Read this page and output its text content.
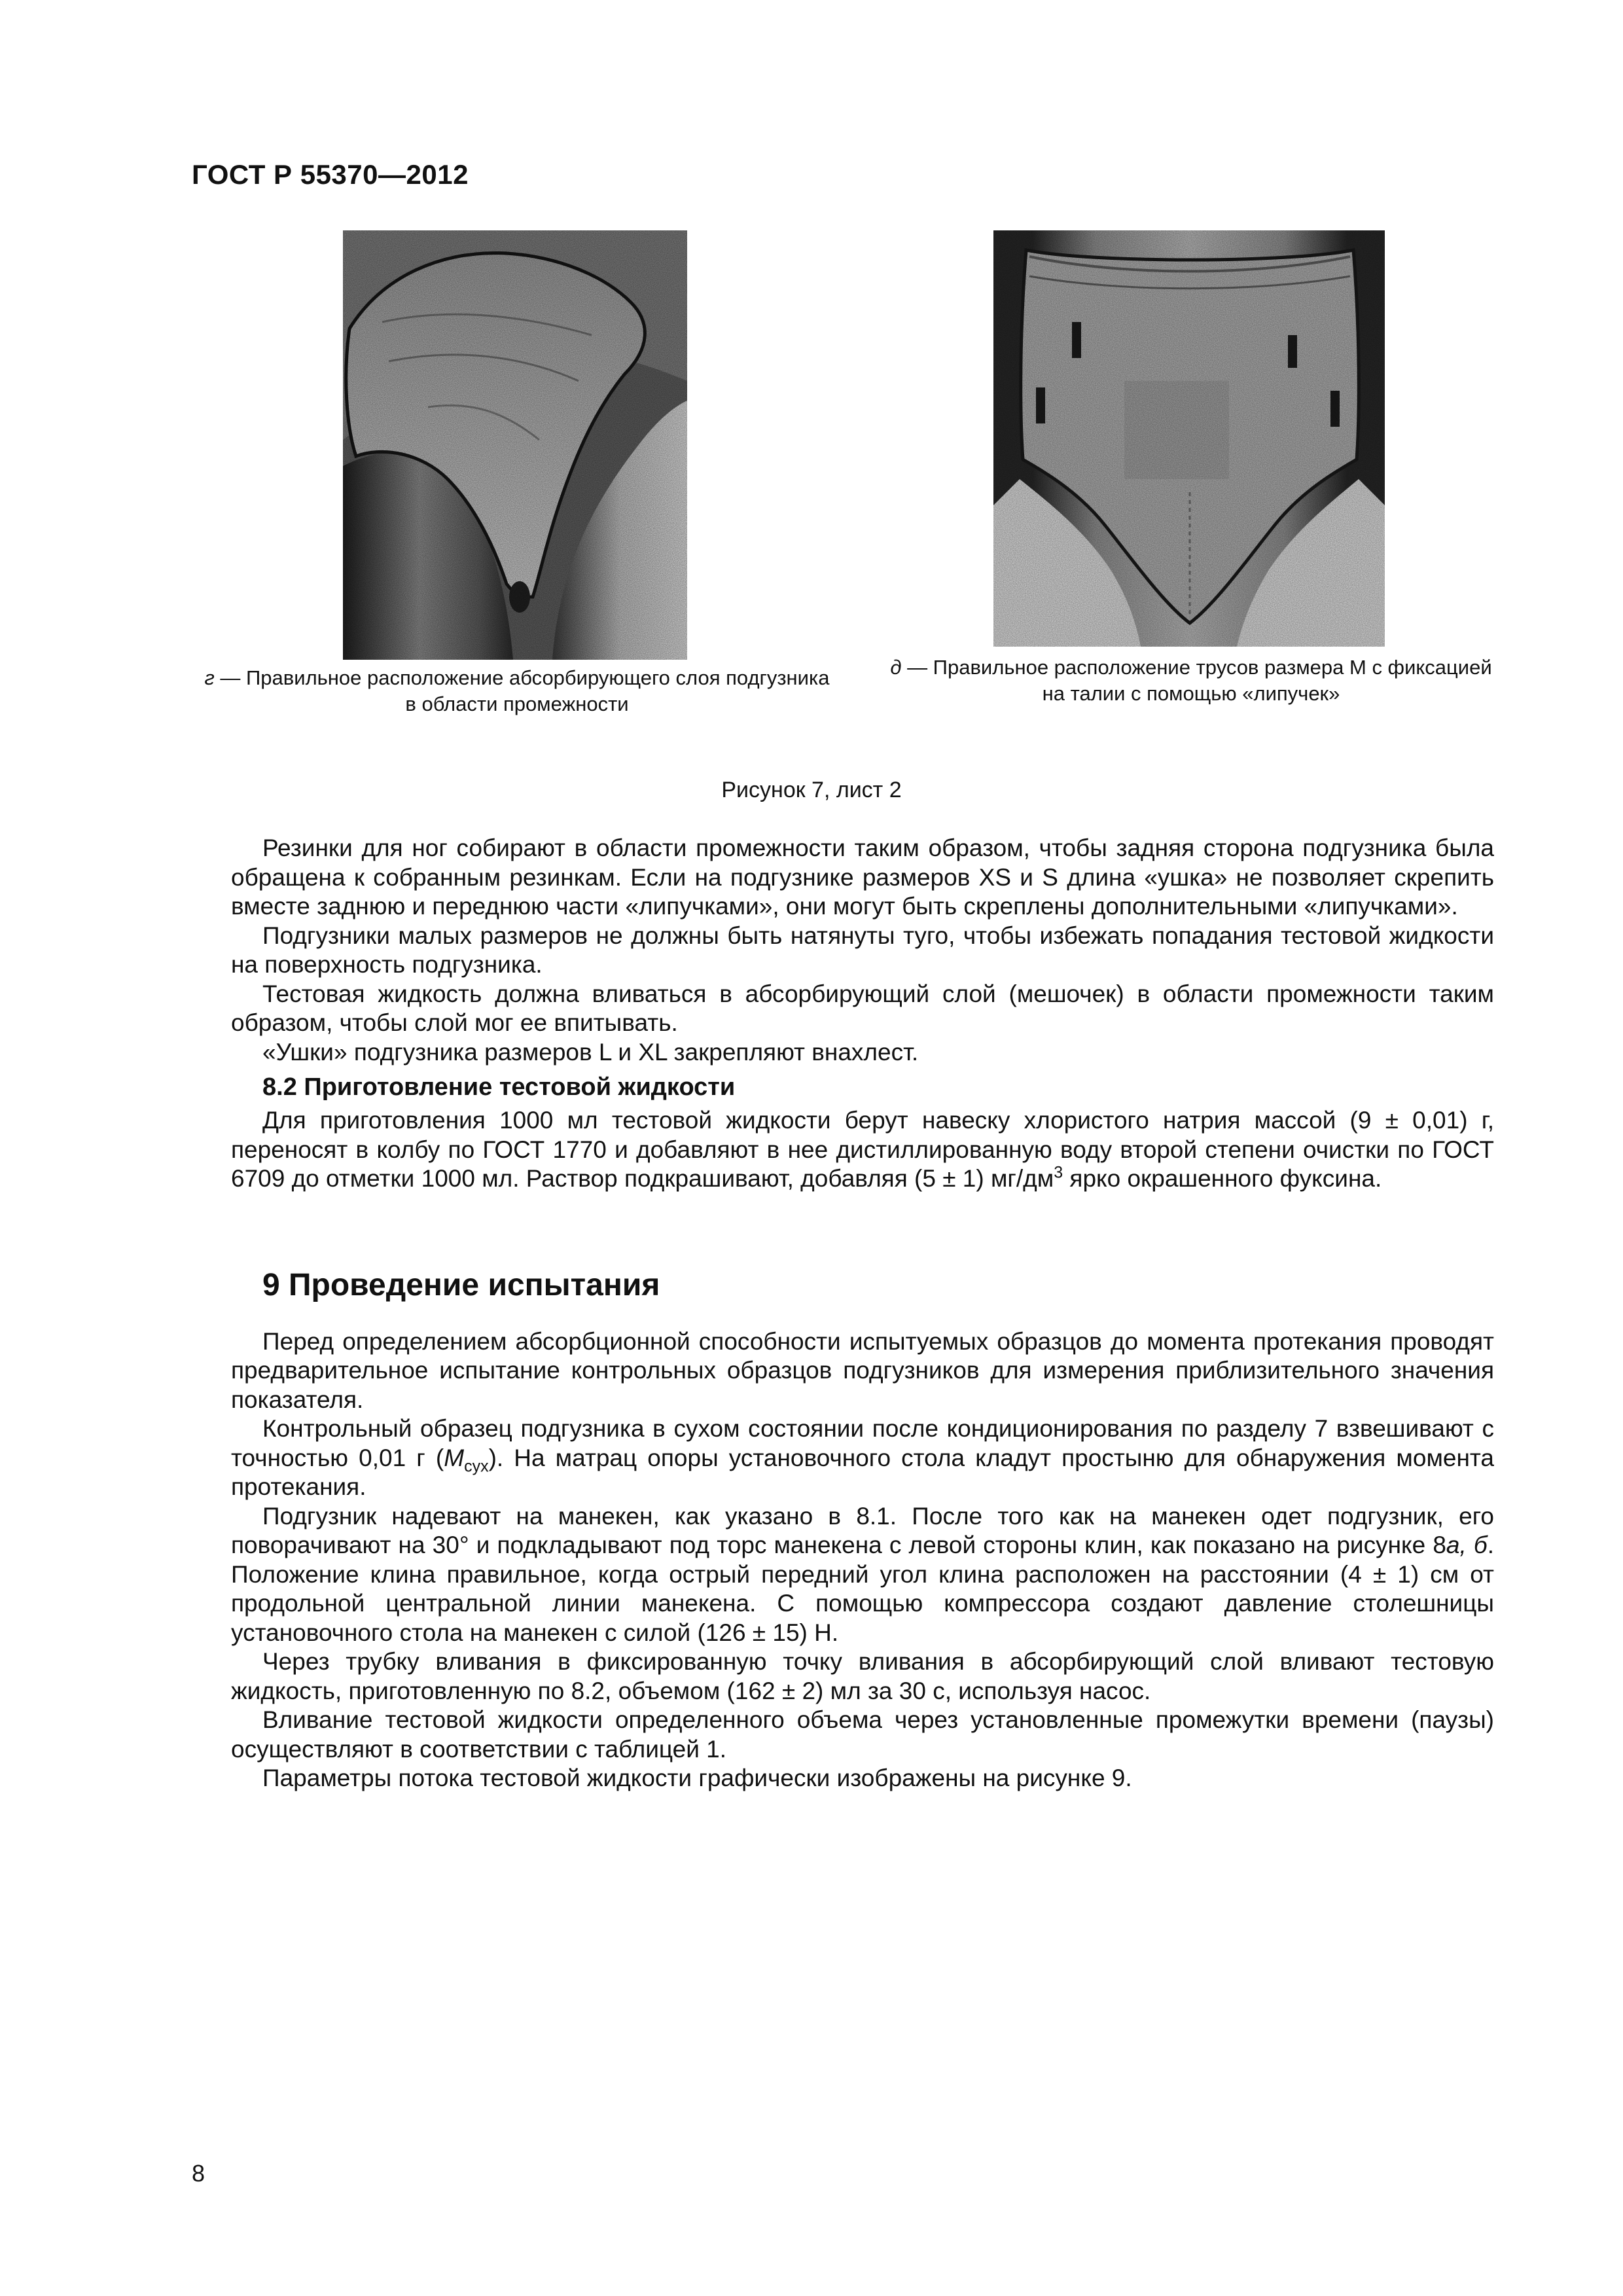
ГОСТ Р 55370—2012
г — Правильное расположение абсорбирующего слоя подгузника в области промежности
д — Правильное расположение трусов размера М с фиксацией на талии с помощью «липучек»
Рисунок 7, лист 2

Резинки для ног собирают в области промежности таким образом, чтобы задняя сторона подгузника была обращена к собранным резинкам. Если на подгузнике размеров XS и S длина «ушка» не позволяет скрепить вместе заднюю и переднюю части «липучками», они могут быть скреплены дополнительными «липучками».

Подгузники малых размеров не должны быть натянуты туго, чтобы избежать попадания тестовой жидкости на поверхность подгузника.

Тестовая жидкость должна вливаться в абсорбирующий слой (мешочек) в области промежности таким образом, чтобы слой мог ее впитывать.

«Ушки» подгузника размеров L и XL закрепляют внахлест.

8.2 Приготовление тестовой жидкости

Для приготовления 1000 мл тестовой жидкости берут навеску хлористого натрия массой (9 ± 0,01) г, переносят в колбу по ГОСТ 1770 и добавляют в нее дистиллированную воду второй степени очистки по ГОСТ 6709 до отметки 1000 мл. Раствор подкрашивают, добавляя (5 ± 1) $мг/дм^3$ ярко окрашенного фуксина.

9 Проведение испытания

Перед определением абсорбционной способности испытуемых образцов до момента протекания проводят предварительное испытание контрольных образцов подгузников для измерения приблизительного значения показателя.

Контрольный образец подгузника в сухом состоянии после кондиционирования по разделу 7 взвешивают с точностью 0,01 г $(M_{сух})$. На матрац опоры установочного стола кладут простыню для обнаружения момента протекания.

Подгузник надевают на манекен, как указано в 8.1. После того как на манекен одет подгузник, его поворачивают на 30° и подкладывают под торс манекена с левой стороны клин, как показано на рисунке 8а, б. Положение клина правильное, когда острый передний угол клина расположен на расстоянии (4 ± 1) см от продольной центральной линии манекена. С помощью компрессора создают давление столешницы установочного стола на манекен с силой (126 ± 15) Н.

Через трубку вливания в фиксированную точку вливания в абсорбирующий слой вливают тестовую жидкость, приготовленную по 8.2, объемом (162 ± 2) мл за 30 с, используя насос.

Вливание тестовой жидкости определенного объема через установленные промежутки времени (паузы) осуществляют в соответствии с таблицей 1.

Параметры потока тестовой жидкости графически изображены на рисунке 9.

8
